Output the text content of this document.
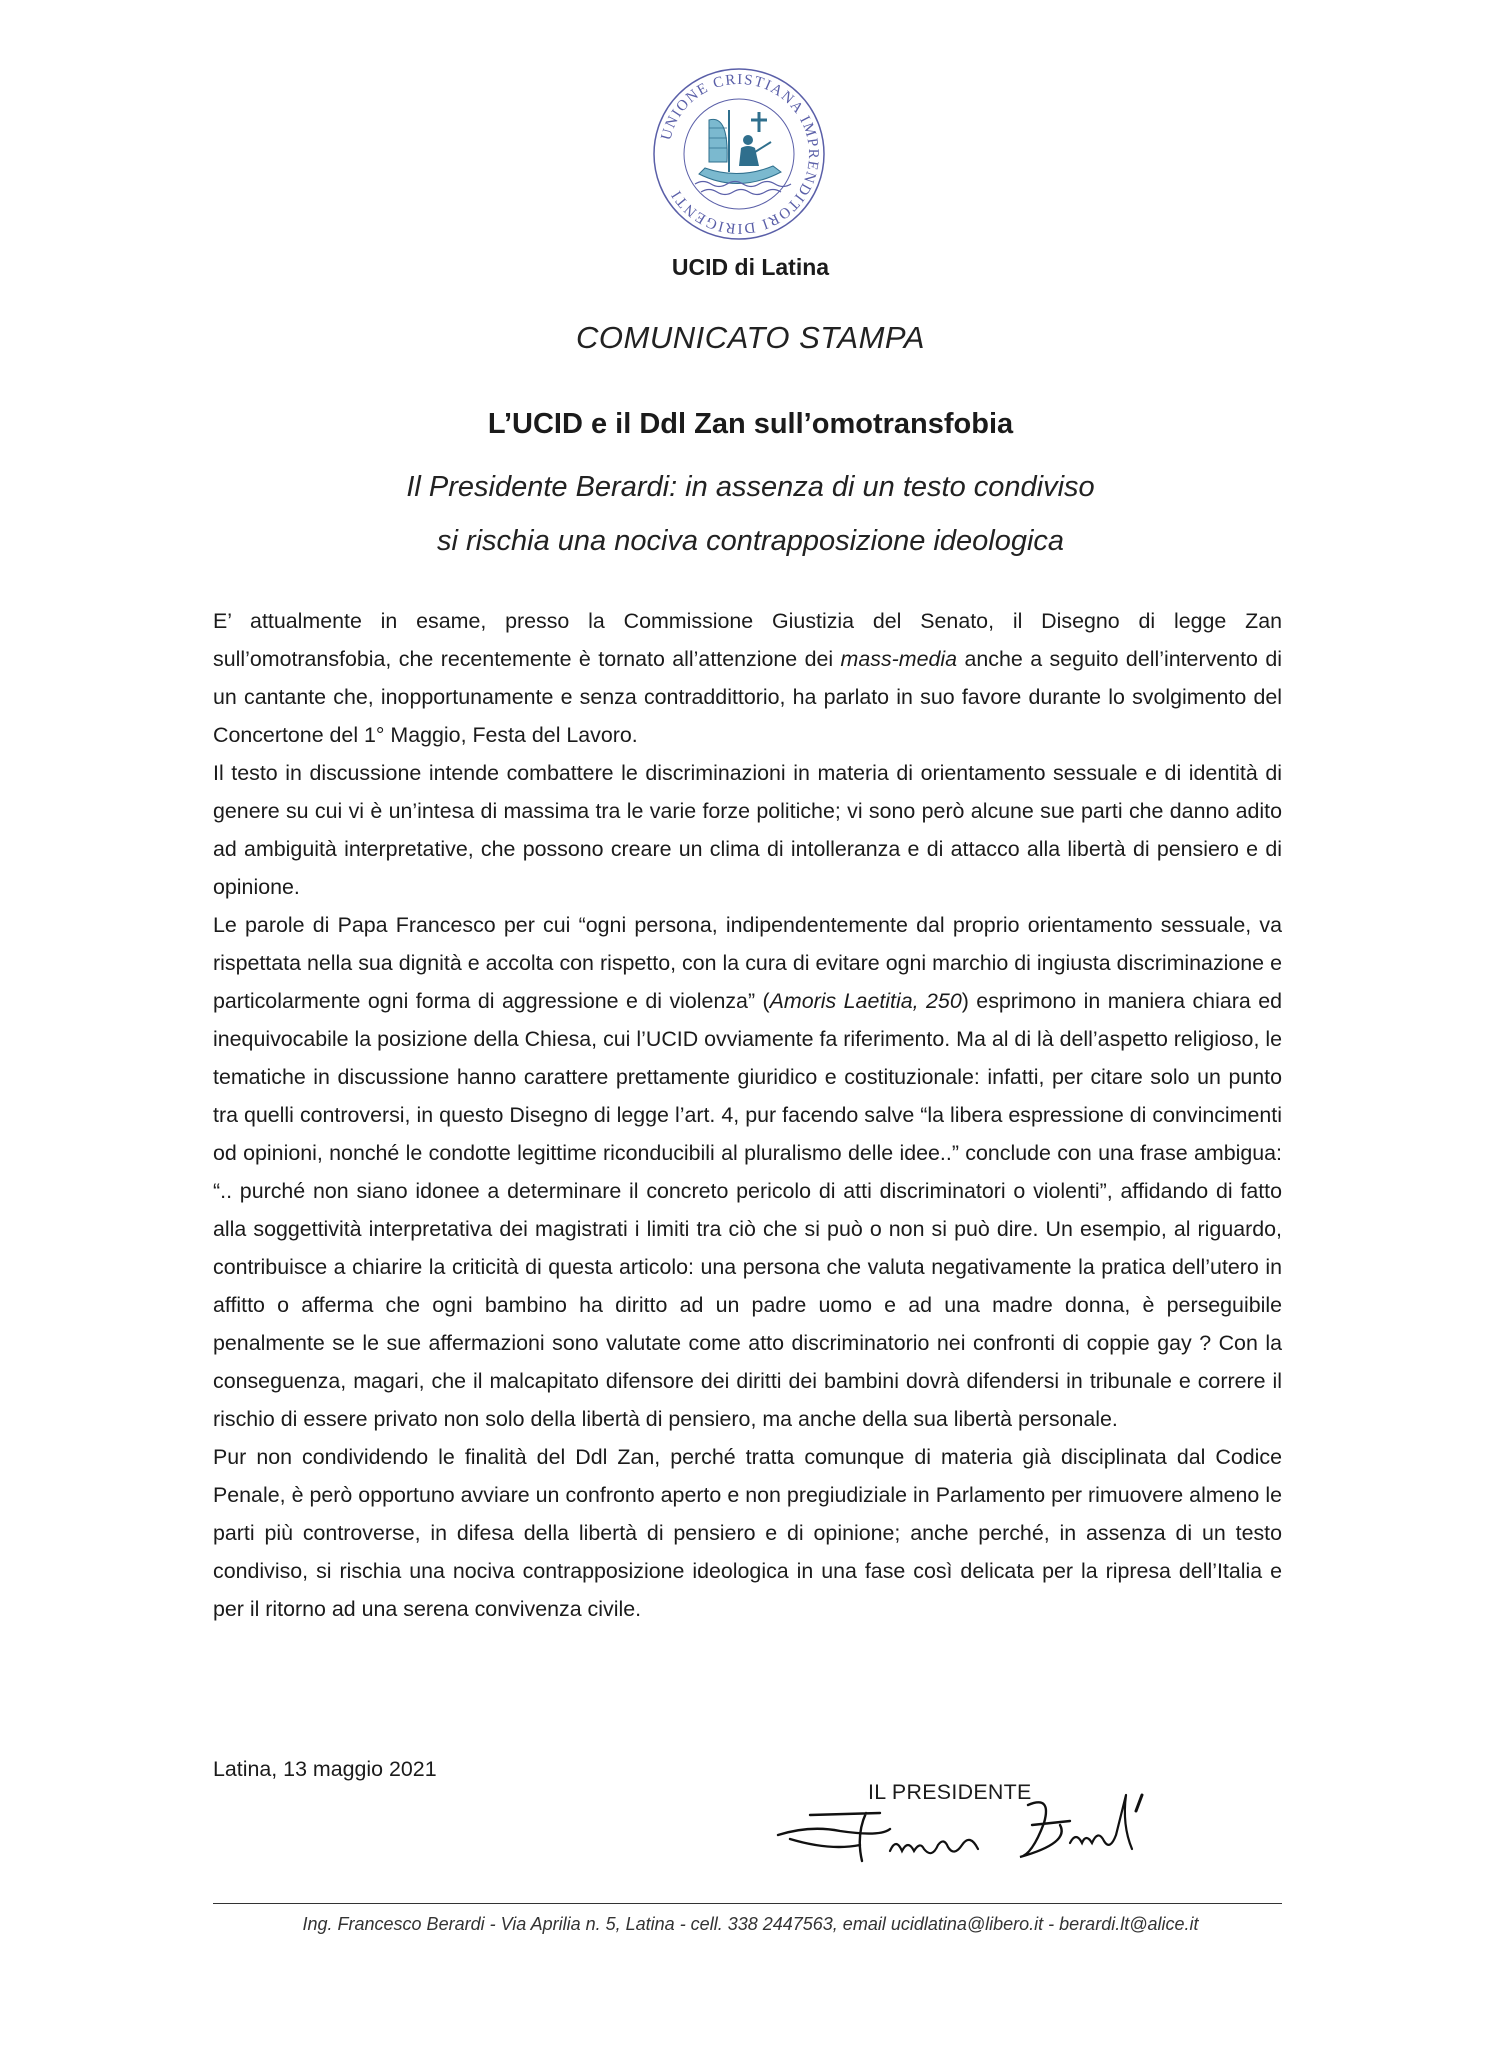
UNIONE CRISTIANA IMPRENDITORI DIRIGENTI
UCID di Latina
COMUNICATO STAMPA
L’UCID e il Ddl Zan sull’omotransfobia
Il Presidente Berardi: in assenza di un testo condiviso
si rischia una nociva contrapposizione ideologica

E’ attualmente in esame, presso la Commissione Giustizia del Senato, il Disegno di legge Zan sull’omotransfobia, che recentemente è tornato all’attenzione dei mass-media anche a seguito dell’intervento di un cantante che, inopportunamente e senza contraddittorio, ha parlato in suo favore durante lo svolgimento del Concertone del 1° Maggio, Festa del Lavoro.

Il testo in discussione intende combattere le discriminazioni in materia di orientamento sessuale e di identità di genere su cui vi è un’intesa di massima tra le varie forze politiche; vi sono però alcune sue parti che danno adito ad ambiguità interpretative, che possono creare un clima di intolleranza e di attacco alla libertà di pensiero e di opinione.

Le parole di Papa Francesco per cui “ogni persona, indipendentemente dal proprio orientamento sessuale, va rispettata nella sua dignità e accolta con rispetto, con la cura di evitare ogni marchio di ingiusta discriminazione e particolarmente ogni forma di aggressione e di violenza” (Amoris Laetitia, 250) esprimono in maniera chiara ed inequivocabile la posizione della Chiesa, cui l’UCID ovviamente fa riferimento. Ma al di là dell’aspetto religioso, le tematiche in discussione hanno carattere prettamente giuridico e costituzionale: infatti, per citare solo un punto tra quelli controversi, in questo Disegno di legge l’art. 4, pur facendo salve “la libera espressione di convincimenti od opinioni, nonché le condotte legittime riconducibili al pluralismo delle idee..” conclude con una frase ambigua: “.. purché non siano idonee a determinare il concreto pericolo di atti discriminatori o violenti”, affidando di fatto alla soggettività interpretativa dei magistrati i limiti tra ciò che si può o non si può dire. Un esempio, al riguardo, contribuisce a chiarire la criticità di questa articolo: una persona che valuta negativamente la pratica dell’utero in affitto o afferma che ogni bambino ha diritto ad un padre uomo e ad una madre donna, è perseguibile penalmente se le sue affermazioni sono valutate come atto discriminatorio nei confronti di coppie gay ? Con la conseguenza, magari, che il malcapitato difensore dei diritti dei bambini dovrà difendersi in tribunale e correre il rischio di essere privato non solo della libertà di pensiero, ma anche della sua libertà personale.

Pur non condividendo le finalità del Ddl Zan, perché tratta comunque di materia già disciplinata dal Codice Penale, è però opportuno avviare un confronto aperto e non pregiudiziale in Parlamento per rimuovere almeno le parti più controverse, in difesa della libertà di pensiero e di opinione; anche perché, in assenza di un testo condiviso, si rischia una nociva contrapposizione ideologica in una fase così delicata per la ripresa dell’Italia e per il ritorno ad una serena convivenza civile.

Latina, 13 maggio 2021
IL PRESIDENTE
Ing. Francesco Berardi - Via Aprilia n. 5, Latina - cell. 338 2447563, email ucidlatina@libero.it - berardi.lt@alice.it
